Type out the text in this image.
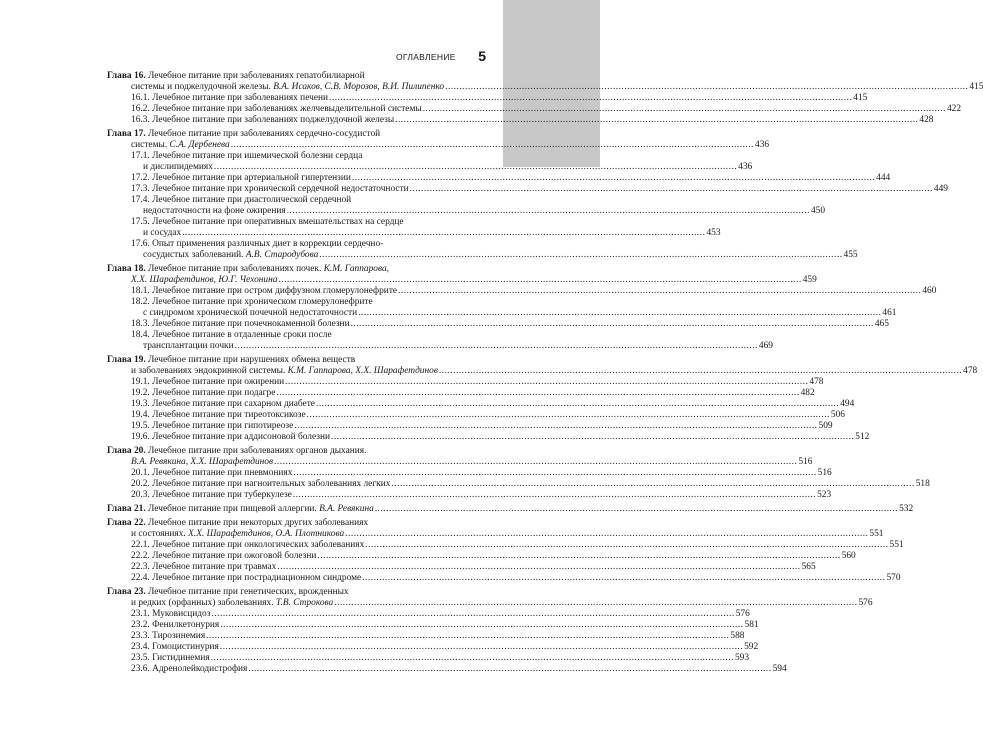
ОГЛАВЛЕНИЕ 5
Глава 16. Лечебное питание при заболеваниях гепатобилиарной
системы и поджелудочной железы. В.А. Исаков, С.В. Морозов, В.И. Пилипенко .....	415
16.1. Лечебное питание при заболеваниях печени .....	415
16.2. Лечебное питание при заболеваниях желчевыделительной системы .....	422
16.3. Лечебное питание при заболеваниях поджелудочной железы .....	428
Глава 17. Лечебное питание при заболеваниях сердечно-сосудистой
системы. С.А. Дербенева .....	436
17.1. Лечебное питание при ишемической болезни сердца
и дислипидемиях .....	436
17.2. Лечебное питание при артериальной гипертензии .....	444
17.3. Лечебное питание при хронической сердечной недостаточности .....	449
17.4. Лечебное питание при диастолической сердечной
недостаточности на фоне ожирения .....	450
17.5. Лечебное питание при оперативных вмешательствах на сердце
и сосудах .....	453
17.6. Опыт применения различных диет в коррекции сердечно-
сосудистых заболеваний. А.В. Стародубова .....	455
Глава 18. Лечебное питание при заболеваниях почек. К.М. Гаппарова,
Х.Х. Шарафетдинов, Ю.Г. Чехонина .....	459
18.1. Лечебное питание при остром диффузном гломерулонефрите .....	460
18.2. Лечебное питание при хроническом гломерулонефрите
с синдромом хронической почечной недостаточности .....	461
18.3. Лечебное питание при почечнокаменной болезни .....	465
18.4. Лечебное питание в отдаленные сроки после
трансплантации почки .....	469
Глава 19. Лечебное питание при нарушениях обмена веществ
и заболеваниях эндокринной системы. К.М. Гаппарова, Х.Х. Шарафетдинов .....	478
19.1. Лечебное питание при ожирении .....	478
19.2. Лечебное питание при подагре .....	482
19.3. Лечебное питание при сахарном диабете .....	494
19.4. Лечебное питание при тиреотоксикозе .....	506
19.5. Лечебное питание при гипотиреозе .....	509
19.6. Лечебное питание при аддисоновой болезни .....	512
Глава 20. Лечебное питание при заболеваниях органов дыхания.
В.А. Ревякина, Х.Х. Шарафетдинов .....	516
20.1. Лечебное питание при пневмониях .....	516
20.2. Лечебное питание при нагноительных заболеваниях легких .....	518
20.3. Лечебное питание при туберкулезе .....	523
Глава 21. Лечебное питание при пищевой аллергии. В.А. Ревякина .....	532
Глава 22. Лечебное питание при некоторых других заболеваниях
и состояниях. Х.Х. Шарафетдинов, О.А. Плотникова .....	551
22.1. Лечебное питание при онкологических заболеваниях .....	551
22.2. Лечебное питание при ожоговой болезни .....	560
22.3. Лечебное питание при травмах .....	565
22.4. Лечебное питание при пострадиационном синдроме .....	570
Глава 23. Лечебное питание при генетических, врожденных
и редких (орфанных) заболеваниях. Т.В. Строкова .....	576
23.1. Муковисцидоз .....	576
23.2. Фенилкетонурия .....	581
23.3. Тирозинемия .....	588
23.4. Гомоцистинурия .....	592
23.5. Гистидинемия .....	593
23.6. Адренолейкодистрофия .....	594
